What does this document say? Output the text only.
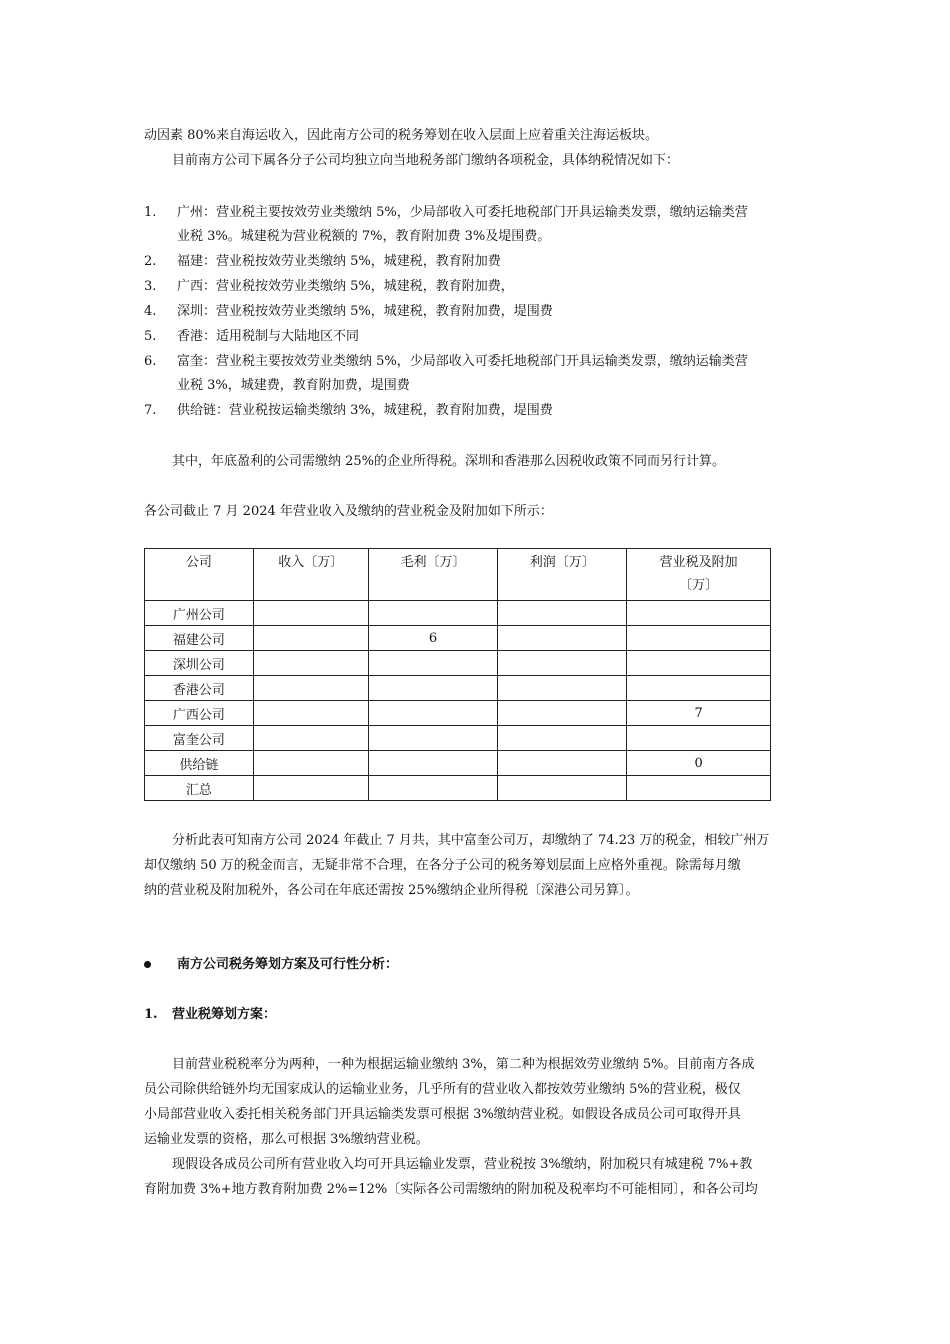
动因素 80%来自海运收入，因此南方公司的税务筹划在收入层面上应着重关注海运板块。
目前南方公司下属各分子公司均独立向当地税务部门缴纳各项税金，具体纳税情况如下：
1. 广州：营业税主要按效劳业类缴纳 5%，少局部收入可委托地税部门开具运输类发票，缴纳运输类营
业税 3%。城建税为营业税额的 7%，教育附加费 3%及堤围费。
2. 福建：营业税按效劳业类缴纳 5%，城建税，教育附加费
3. 广西：营业税按效劳业类缴纳 5%，城建税，教育附加费，
4. 深圳：营业税按效劳业类缴纳 5%，城建税，教育附加费，堤围费
5. 香港：适用税制与大陆地区不同
6. 富奎：营业税主要按效劳业类缴纳 5%，少局部收入可委托地税部门开具运输类发票，缴纳运输类营
业税 3%，城建费，教育附加费，堤围费
7. 供给链：营业税按运输类缴纳 3%，城建税，教育附加费，堤围费
其中，年底盈利的公司需缴纳 25%的企业所得税。深圳和香港那么因税收政策不同而另行计算。
各公司截止 7 月 2024 年营业收入及缴纳的营业税金及附加如下所示：
公司	收入〔万〕	毛利〔万〕	利润〔万〕	营业税及附加
〔万〕
广州公司				
福建公司		6		
深圳公司				
香港公司				
广西公司				7
富奎公司				
供给链				0
汇总				
分析此表可知南方公司 2024 年截止 7 月共，其中富奎公司万，却缴纳了 74.23 万的税金，相较广州万
却仅缴纳 50 万的税金而言，无疑非常不合理，在各分子公司的税务筹划层面上应格外重视。除需每月缴
纳的营业税及附加税外，各公司在年底还需按 25%缴纳企业所得税〔深港公司另算〕。
南方公司税务筹划方案及可行性分析：
1. 营业税筹划方案：
目前营业税税率分为两种，一种为根据运输业缴纳 3%，第二种为根据效劳业缴纳 5%。目前南方各成
员公司除供给链外均无国家成认的运输业业务，几乎所有的营业收入都按效劳业缴纳 5%的营业税，极仅
小局部营业收入委托相关税务部门开具运输类发票可根据 3%缴纳营业税。如假设各成员公司可取得开具
运输业发票的资格，那么可根据 3%缴纳营业税。
现假设各成员公司所有营业收入均可开具运输业发票，营业税按 3%缴纳，附加税只有城建税 7%+教
育附加费 3%+地方教育附加费 2%=12%〔实际各公司需缴纳的附加税及税率均不可能相同〕，和各公司均
